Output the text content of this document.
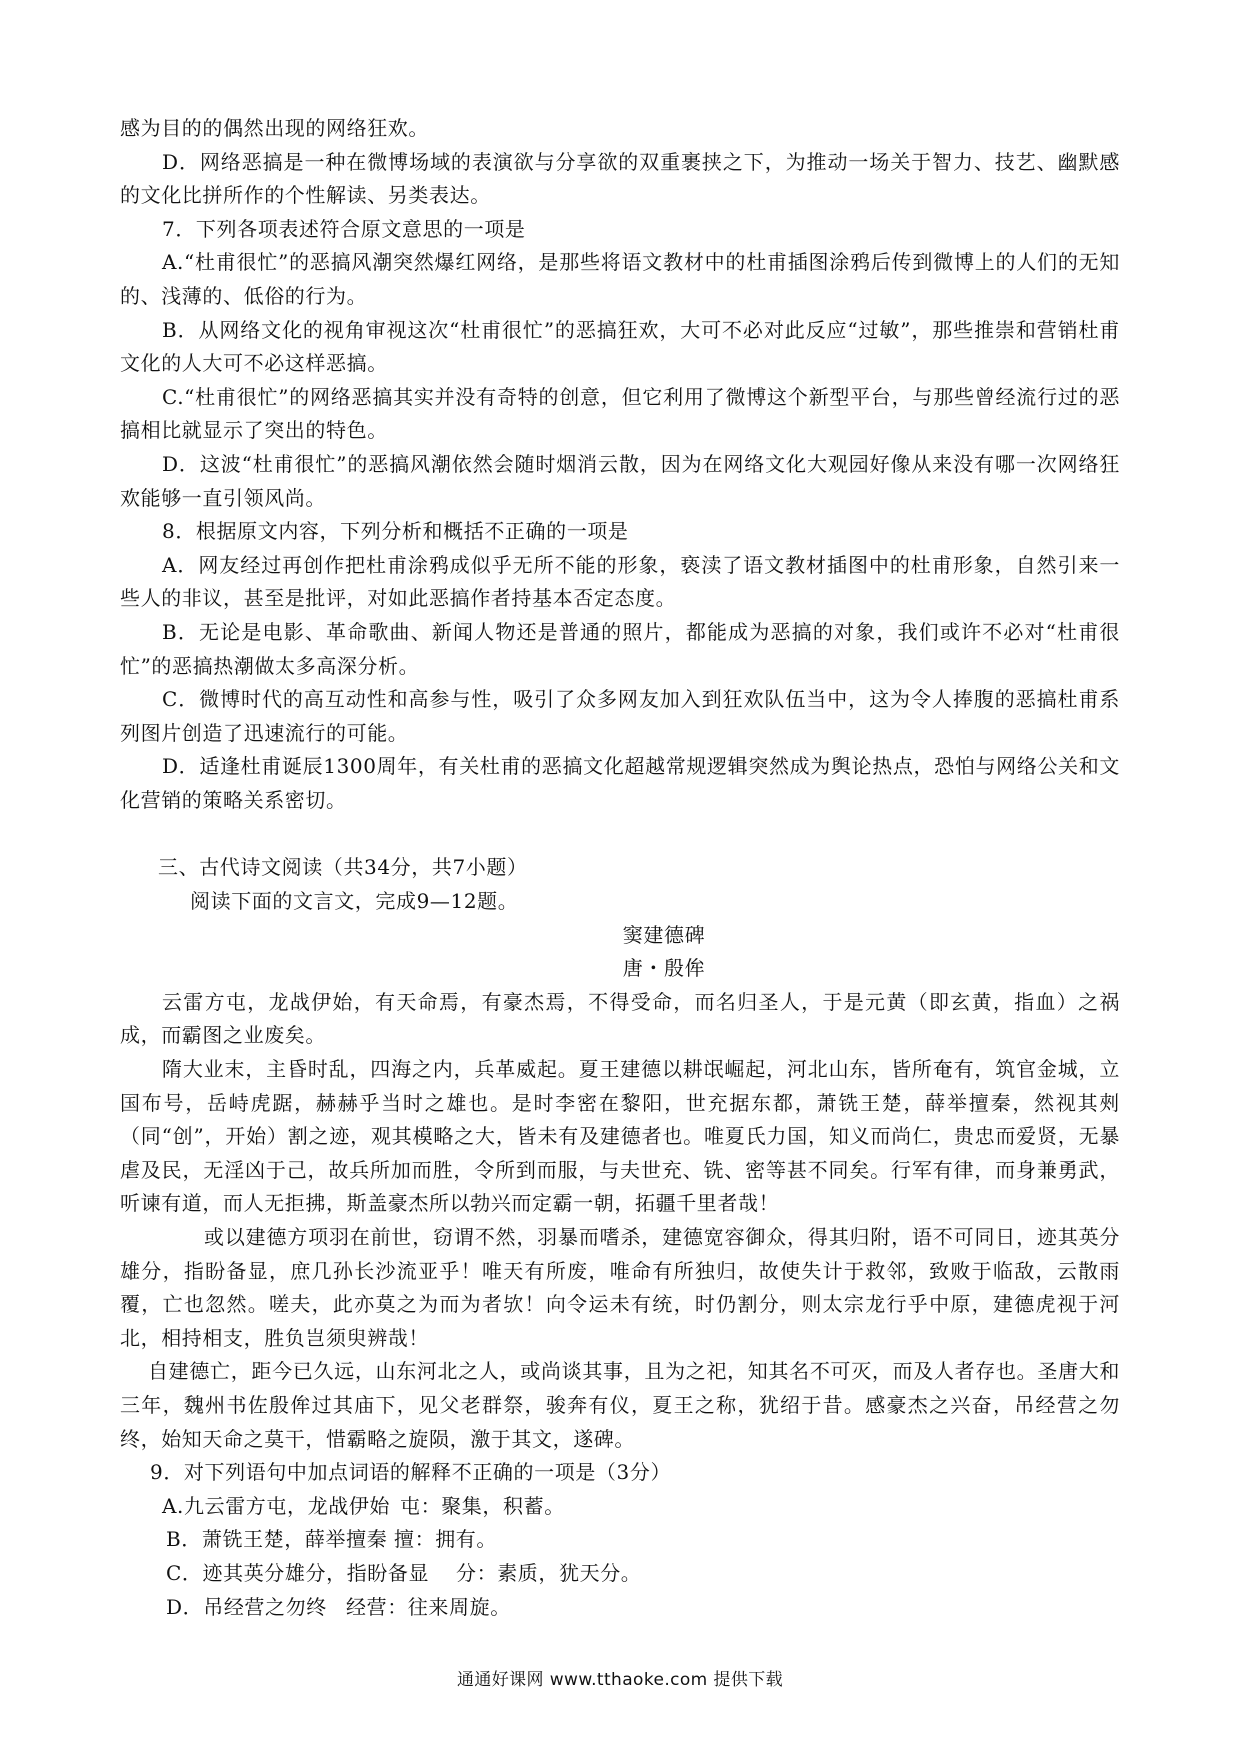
感为目的的偶然出现的网络狂欢。

D．网络恶搞是一种在微博场域的表演欲与分享欲的双重裹挟之下，为推动一场关于智力、技艺、幽默感的文化比拼所作的个性解读、另类表达。

7．下列各项表述符合原文意思的一项是

A.“杜甫很忙”的恶搞风潮突然爆红网络，是那些将语文教材中的杜甫插图涂鸦后传到微博上的人们的无知的、浅薄的、低俗的行为。

B．从网络文化的视角审视这次“杜甫很忙”的恶搞狂欢，大可不必对此反应“过敏”，那些推崇和营销杜甫文化的人大可不必这样恶搞。

C.“杜甫很忙”的网络恶搞其实并没有奇特的创意，但它利用了微博这个新型平台，与那些曾经流行过的恶搞相比就显示了突出的特色。

D．这波“杜甫很忙”的恶搞风潮依然会随时烟消云散，因为在网络文化大观园好像从来没有哪一次网络狂欢能够一直引领风尚。

8．根据原文内容，下列分析和概括不正确的一项是

A．网友经过再创作把杜甫涂鸦成似乎无所不能的形象，亵渎了语文教材插图中的杜甫形象，自然引来一些人的非议，甚至是批评，对如此恶搞作者持基本否定态度。

B．无论是电影、革命歌曲、新闻人物还是普通的照片，都能成为恶搞的对象，我们或许不必对“杜甫很忙”的恶搞热潮做太多高深分析。

C．微博时代的高互动性和高参与性，吸引了众多网友加入到狂欢队伍当中，这为令人捧腹的恶搞杜甫系列图片创造了迅速流行的可能。

D．适逢杜甫诞辰1300周年，有关杜甫的恶搞文化超越常规逻辑突然成为舆论热点，恐怕与网络公关和文化营销的策略关系密切。

三、古代诗文阅读（共34分，共7小题）

阅读下面的文言文，完成9—12题。

窦建德碑

唐・殷侔

云雷方屯，龙战伊始，有天命焉，有豪杰焉，不得受命，而名归圣人，于是元黄（即玄黄，指血）之祸成，而霸图之业废矣。

隋大业末，主昏时乱，四海之内，兵革威起。夏王建德以耕氓崛起，河北山东，皆所奄有，筑官金城，立国布号，岳峙虎踞，赫赫乎当时之雄也。是时李密在黎阳，世充据东都，萧铣王楚，薛举擅秦，然视其㓨（同“创”，开始）割之迹，观其模略之大，皆未有及建德者也。唯夏氏力国，知义而尚仁，贵忠而爱贤，无暴虐及民，无淫凶于己，故兵所加而胜，令所到而服，与夫世充、铣、密等甚不同矣。行军有律，而身兼勇武，听谏有道，而人无拒拂，斯盖豪杰所以勃兴而定霸一朝，拓疆千里者哉！

或以建德方项羽在前世，窃谓不然，羽暴而嗜杀，建德宽容御众，得其归附，语不可同日，迹其英分雄分，指盼备显，庶几孙长沙流亚乎！唯天有所废，唯命有所独归，故使失计于救邻，致败于临敌，云散雨覆，亡也忽然。嗟夫，此亦莫之为而为者欤！向令运未有统，时仍割分，则太宗龙行乎中原，建德虎视于河北，相持相支，胜负岂须臾辨哉！

自建德亡，距今已久远，山东河北之人，或尚谈其事，且为之祀，知其名不可灭，而及人者存也。圣唐大和三年，魏州书佐殷侔过其庙下，见父老群祭，骏奔有仪，夏王之称，犹绍于昔。感豪杰之兴奋，吊经营之勿终，始知天命之莫干，惜霸略之旋陨，激于其文，遂碑。

9．对下列语句中加点词语的解释不正确的一项是（3分）

A.九云雷方屯，龙战伊始 屯：聚集，积蓄。
B．萧铣王楚，薛举擅秦 擅：拥有。
C．迹其英分雄分，指盼备显 分：素质，犹天分。
D．吊经营之勿终 经营：往来周旋。
通通好课网 www.tthaoke.com 提供下载
